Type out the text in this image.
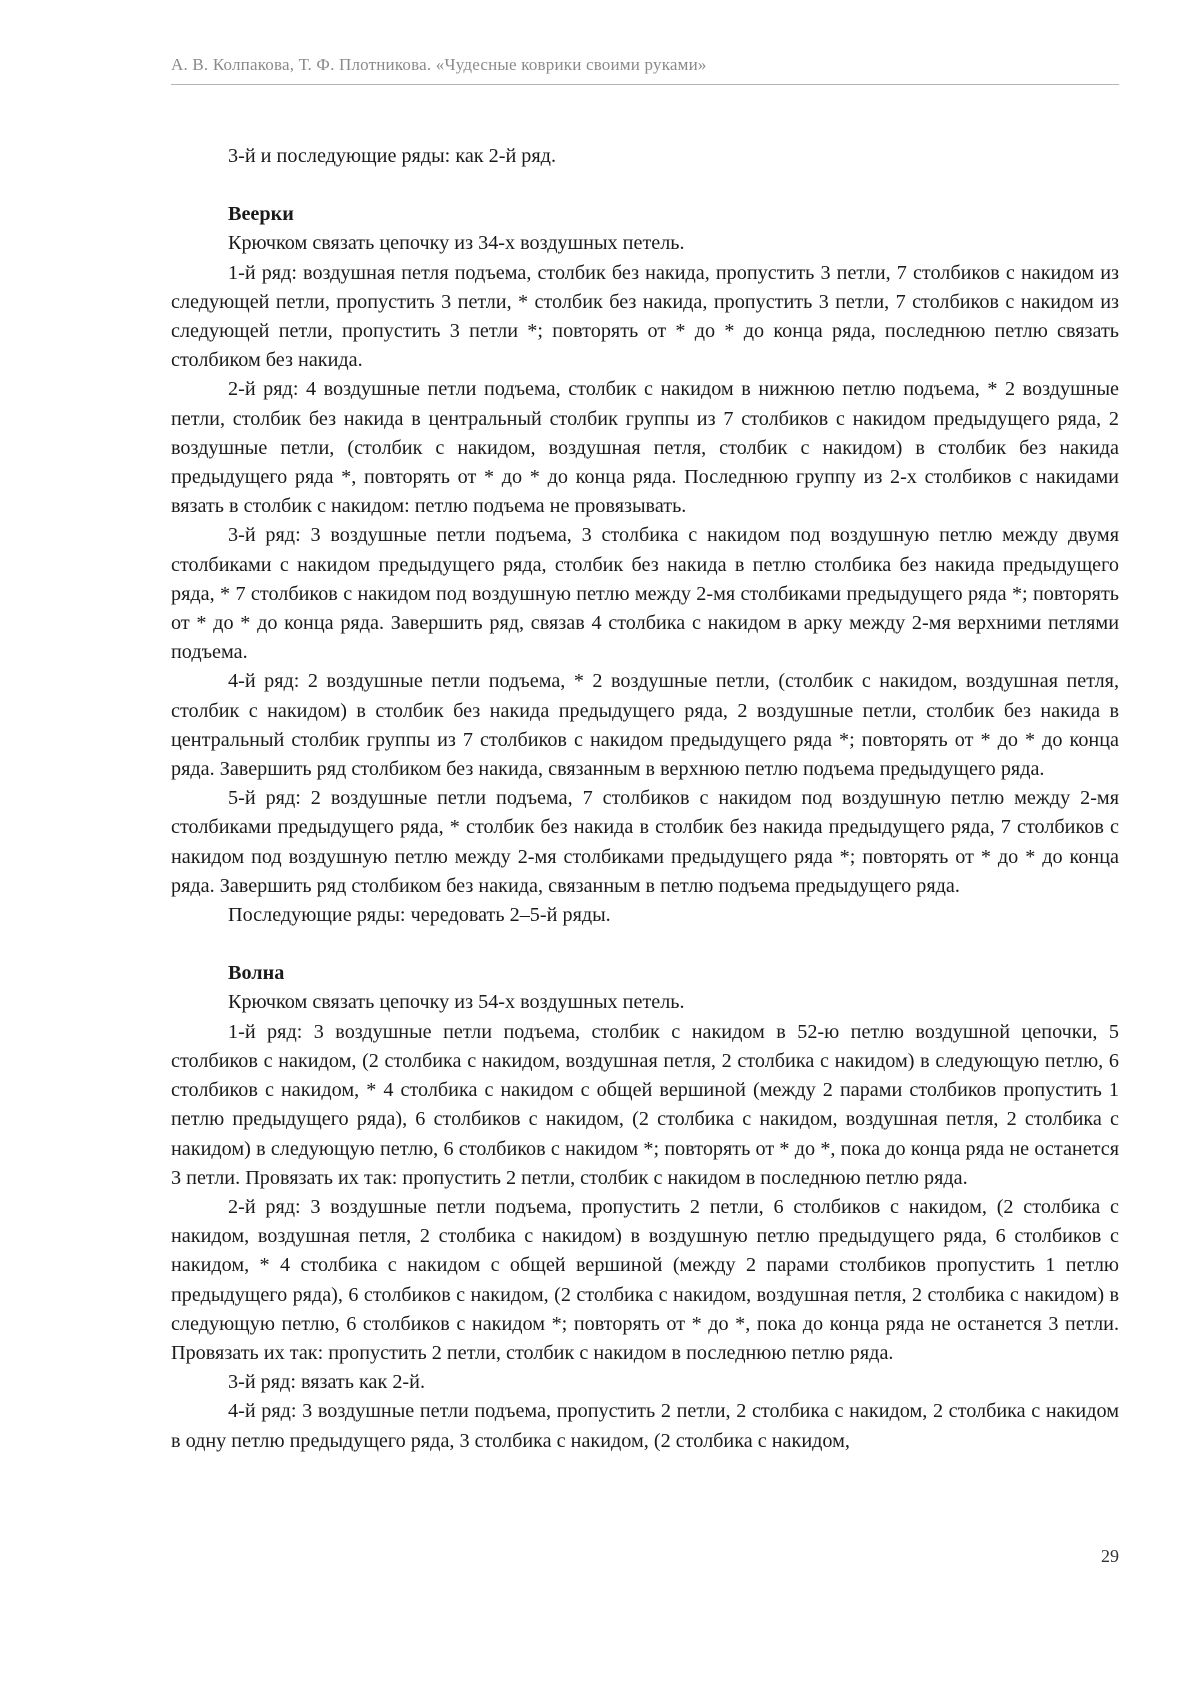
А. В. Колпакова, Т. Ф. Плотникова. «Чудесные коврики своими руками»

3-й и последующие ряды: как 2-й ряд.

Веерки

Крючком связать цепочку из 34-х воздушных петель.

1-й ряд: воздушная петля подъема, столбик без накида, пропустить 3 петли, 7 столбиков с накидом из следующей петли, пропустить 3 петли, * столбик без накида, пропустить 3 петли, 7 столбиков с накидом из следующей петли, пропустить 3 петли *; повторять от * до * до конца ряда, последнюю петлю связать столбиком без накида.

2-й ряд: 4 воздушные петли подъема, столбик с накидом в нижнюю петлю подъема, * 2 воздушные петли, столбик без накида в центральный столбик группы из 7 столбиков с накидом предыдущего ряда, 2 воздушные петли, (столбик с накидом, воздушная петля, столбик с накидом) в столбик без накида предыдущего ряда *, повторять от * до * до конца ряда. Последнюю группу из 2-х столбиков с накидами вязать в столбик с накидом: петлю подъема не провязывать.

3-й ряд: 3 воздушные петли подъема, 3 столбика с накидом под воздушную петлю между двумя столбиками с накидом предыдущего ряда, столбик без накида в петлю столбика без накида предыдущего ряда, * 7 столбиков с накидом под воздушную петлю между 2-мя столбиками предыдущего ряда *; повторять от * до * до конца ряда. Завершить ряд, связав 4 столбика с накидом в арку между 2-мя верхними петлями подъема.

4-й ряд: 2 воздушные петли подъема, * 2 воздушные петли, (столбик с накидом, воздушная петля, столбик с накидом) в столбик без накида предыдущего ряда, 2 воздушные петли, столбик без накида в центральный столбик группы из 7 столбиков с накидом предыдущего ряда *; повторять от * до * до конца ряда. Завершить ряд столбиком без накида, связанным в верхнюю петлю подъема предыдущего ряда.

5-й ряд: 2 воздушные петли подъема, 7 столбиков с накидом под воздушную петлю между 2-мя столбиками предыдущего ряда, * столбик без накида в столбик без накида предыдущего ряда, 7 столбиков с накидом под воздушную петлю между 2-мя столбиками предыдущего ряда *; повторять от * до * до конца ряда. Завершить ряд столбиком без накида, связанным в петлю подъема предыдущего ряда.

Последующие ряды: чередовать 2–5-й ряды.

Волна

Крючком связать цепочку из 54-х воздушных петель.

1-й ряд: 3 воздушные петли подъема, столбик с накидом в 52-ю петлю воздушной цепочки, 5 столбиков с накидом, (2 столбика с накидом, воздушная петля, 2 столбика с накидом) в следующую петлю, 6 столбиков с накидом, * 4 столбика с накидом с общей вершиной (между 2 парами столбиков пропустить 1 петлю предыдущего ряда), 6 столбиков с накидом, (2 столбика с накидом, воздушная петля, 2 столбика с накидом) в следующую петлю, 6 столбиков с накидом *; повторять от * до *, пока до конца ряда не останется 3 петли. Провязать их так: пропустить 2 петли, столбик с накидом в последнюю петлю ряда.

2-й ряд: 3 воздушные петли подъема, пропустить 2 петли, 6 столбиков с накидом, (2 столбика с накидом, воздушная петля, 2 столбика с накидом) в воздушную петлю предыдущего ряда, 6 столбиков с накидом, * 4 столбика с накидом с общей вершиной (между 2 парами столбиков пропустить 1 петлю предыдущего ряда), 6 столбиков с накидом, (2 столбика с накидом, воздушная петля, 2 столбика с накидом) в следующую петлю, 6 столбиков с накидом *; повторять от * до *, пока до конца ряда не останется 3 петли. Провязать их так: пропустить 2 петли, столбик с накидом в последнюю петлю ряда.

3-й ряд: вязать как 2-й.

4-й ряд: 3 воздушные петли подъема, пропустить 2 петли, 2 столбика с накидом, 2 столбика с накидом в одну петлю предыдущего ряда, 3 столбика с накидом, (2 столбика с накидом,

29
